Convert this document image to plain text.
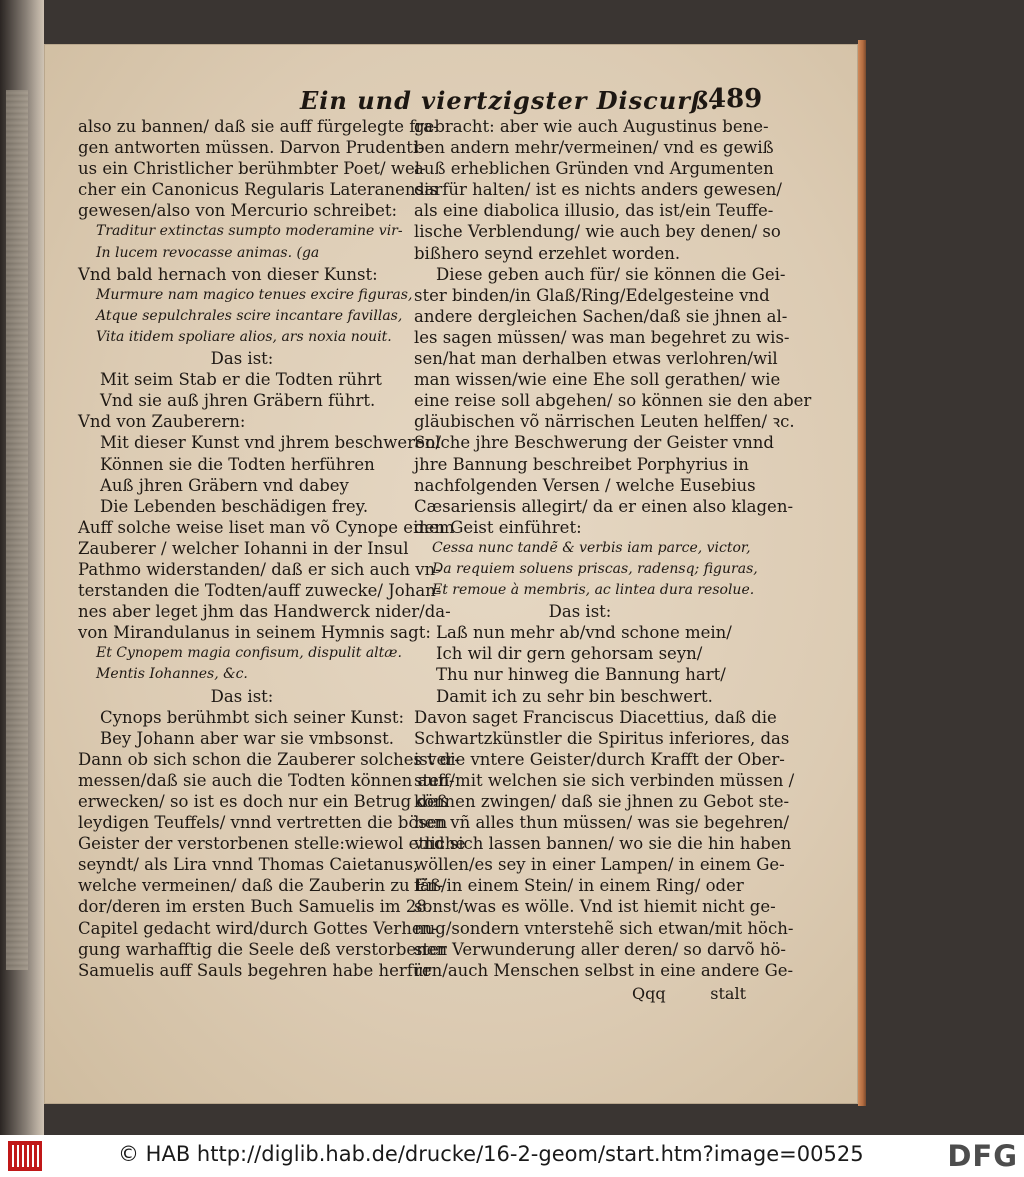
Ein und viertzigster Discurß.
489
also zu bannen/ daß sie auff fürgelegte fra-
gen antworten müssen. Darvon Prudenti-
us ein Christlicher berühmbter Poet/ wel-
cher ein Canonicus Regularis Lateranensis
gewesen/also von Mercurio schreibet:
Traditur extinctas sumpto moderamine vir-
In lucem revocasse animas. (ga
Vnd bald hernach von dieser Kunst:
Murmure nam magico tenues excire figuras,
Atque sepulchrales scire incantare favillas,
Vita itidem spoliare alios, ars noxia nouit.
Das ist:
Mit seim Stab er die Todten rührt
Vnd sie auß jhren Gräbern führt.
Vnd von Zauberern:
Mit dieser Kunst vnd jhrem beschweren/
Können sie die Todten herführen
Auß jhren Gräbern vnd dabey
Die Lebenden beschädigen frey.
Auff solche weise liset man võ Cynope einem
Zauberer / welcher Iohanni in der Insul
Pathmo widerstanden/ daß er sich auch vn-
terstanden die Todten/auff zuwecke/ Johan-
nes aber leget jhm das Handwerck nider/da-
von Mirandulanus in seinem Hymnis sagt:
Et Cynopem magia confisum, dispulit altæ.
Mentis Iohannes, &c.
Das ist:
Cynops berühmbt sich seiner Kunst:
Bey Johann aber war sie vmbsonst.
Dann ob sich schon die Zauberer solches ver-
messen/daß sie auch die Todten können auff-
erwecken/ so ist es doch nur ein Betrug deß
leydigen Teuffels/ vnnd vertretten die bösen
Geister der verstorbenen stelle:wiewol etliche
seyndt/ als Lira vnnd Thomas Caietanus,
welche vermeinen/ daß die Zauberin zu En-
dor/deren im ersten Buch Samuelis im 28.
Capitel gedacht wird/durch Gottes Verhen-
gung warhafftig die Seele deß verstorbenen
Samuelis auff Sauls begehren habe herfür
gebracht: aber wie auch Augustinus bene-
ben andern mehr/vermeinen/ vnd es gewiß
auß erheblichen Gründen vnd Argumenten
darfür halten/ ist es nichts anders gewesen/
als eine diabolica illusio, das ist/ein Teuffe-
lische Verblendung/ wie auch bey denen/ so
bißhero seynd erzehlet worden.
Diese geben auch für/ sie können die Gei-
ster binden/in Glaß/Ring/Edelgesteine vnd
andere dergleichen Sachen/daß sie jhnen al-
les sagen müssen/ was man begehret zu wis-
sen/hat man derhalben etwas verlohren/wil
man wissen/wie eine Ehe soll gerathen/ wie
eine reise soll abgehen/ so können sie den aber
gläubischen võ närrischen Leuten helffen/ ꝛc.
Solche jhre Beschwerung der Geister vnnd
jhre Bannung beschreibet Porphyrius in
nachfolgenden Versen / welche Eusebius
Cæsariensis allegirt/ da er einen also klagen-
den Geist einführet:
Cessa nunc tandẽ & verbis iam parce, victor,
Da requiem soluens priscas, radensq; figuras,
Et remoue à membris, ac lintea dura resolue.
Das ist:
Laß nun mehr ab/vnd schone mein/
Ich wil dir gern gehorsam seyn/
Thu nur hinweg die Bannung hart/
Damit ich zu sehr bin beschwert.
Davon saget Franciscus Diacettius, daß die
Schwartzkünstler die Spiritus inferiores, das
ist die vntere Geister/durch Krafft der Ober-
sten/mit welchen sie sich verbinden müssen /
können zwingen/ daß sie jhnen zu Gebot ste-
hen vñ alles thun müssen/ was sie begehren/
vnd sich lassen bannen/ wo sie die hin haben
wöllen/es sey in einer Lampen/ in einem Ge-
fäß/in einem Stein/ in einem Ring/ oder
sonst/was es wölle. Vnd ist hiemit nicht ge-
nug/sondern vnterstehẽ sich etwan/mit höch-
ster Verwunderung aller deren/ so darvõ hö-
ren/auch Menschen selbst in eine andere Ge-
Qqq	stalt
© HAB http://diglib.hab.de/drucke/16-2-geom/start.htm?image=00525	DFG
